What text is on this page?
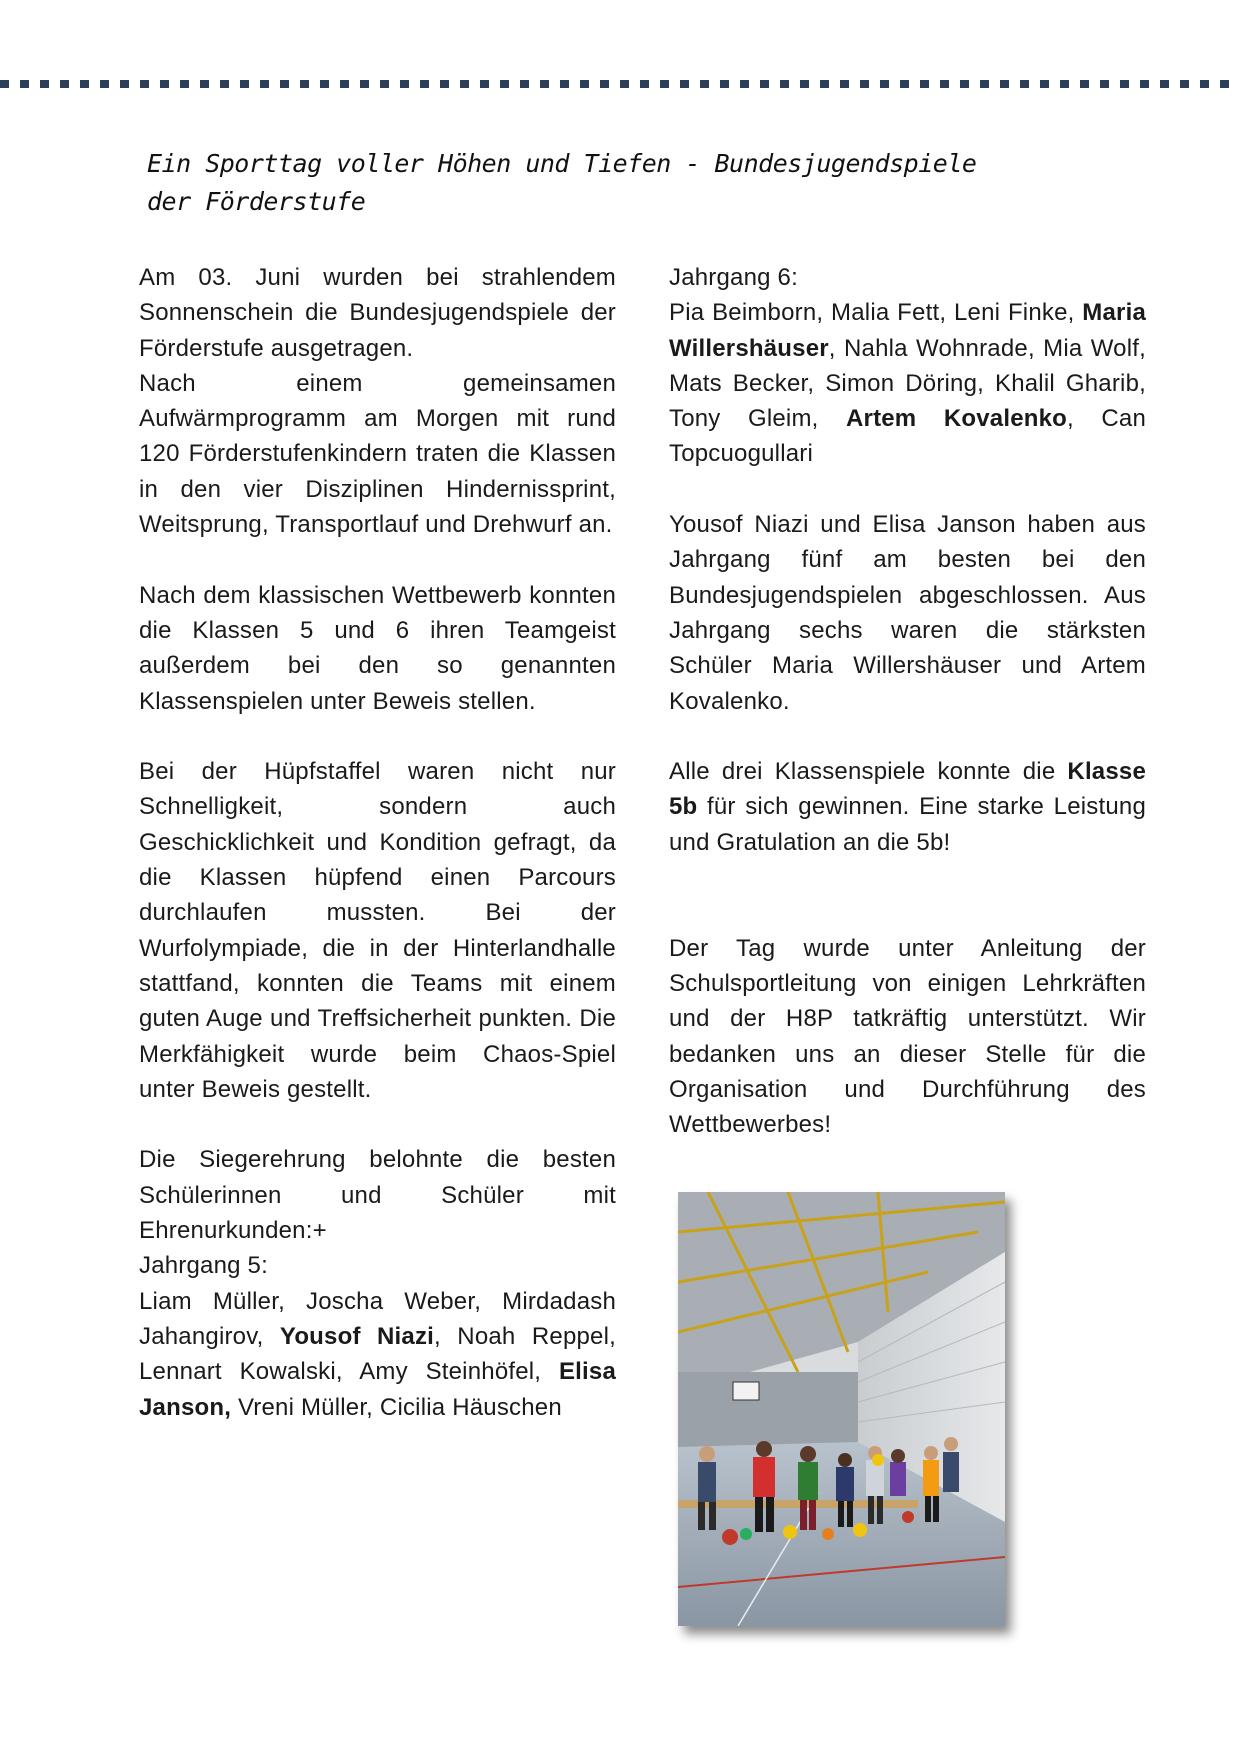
Ein Sporttag voller Höhen und Tiefen - Bundesjugendspiele der Förderstufe

Am 03. Juni wurden bei strahlendem Sonnenschein die Bundesjugendspiele der Förderstufe ausgetragen.

Nach einem gemeinsamen Aufwärmprogramm am Morgen mit rund 120 Förderstufenkindern traten die Klassen in den vier Disziplinen Hindernissprint, Weitsprung, Transportlauf und Drehwurf an.

Nach dem klassischen Wettbewerb konnten die Klassen 5 und 6 ihren Teamgeist außerdem bei den so genannten Klassenspielen unter Beweis stellen.

Bei der Hüpfstaffel waren nicht nur Schnelligkeit, sondern auch Geschicklichkeit und Kondition gefragt, da die Klassen hüpfend einen Parcours durchlaufen mussten. Bei der Wurfolympiade, die in der Hinterlandhalle stattfand, konnten die Teams mit einem guten Auge und Treffsicherheit punkten. Die Merkfähigkeit wurde beim Chaos-Spiel unter Beweis gestellt.

Die Siegerehrung belohnte die besten Schülerinnen und Schüler mit Ehrenurkunden:+

Jahrgang 5:

Liam Müller, Joscha Weber, Mirdadash Jahangirov, Yousof Niazi, Noah Reppel, Lennart Kowalski, Amy Steinhöfel, Elisa Janson, Vreni Müller, Cicilia Häuschen

Jahrgang 6:

Pia Beimborn, Malia Fett, Leni Finke, Maria Willershäuser, Nahla Wohnrade, Mia Wolf, Mats Becker, Simon Döring, Khalil Gharib, Tony Gleim, Artem Kovalenko, Can Topcuogullari

Yousof Niazi und Elisa Janson haben aus Jahrgang fünf am besten bei den Bundesjugendspielen abgeschlossen. Aus Jahrgang sechs waren die stärksten Schüler Maria Willershäuser und Artem Kovalenko.

Alle drei Klassenspiele konnte die Klasse 5b für sich gewinnen. Eine starke Leistung und Gratulation an die 5b!

Der Tag wurde unter Anleitung der Schulsportleitung von einigen Lehrkräften und der H8P tatkräftig unterstützt. Wir bedanken uns an dieser Stelle für die Organisation und Durchführung des Wettbewerbes!
